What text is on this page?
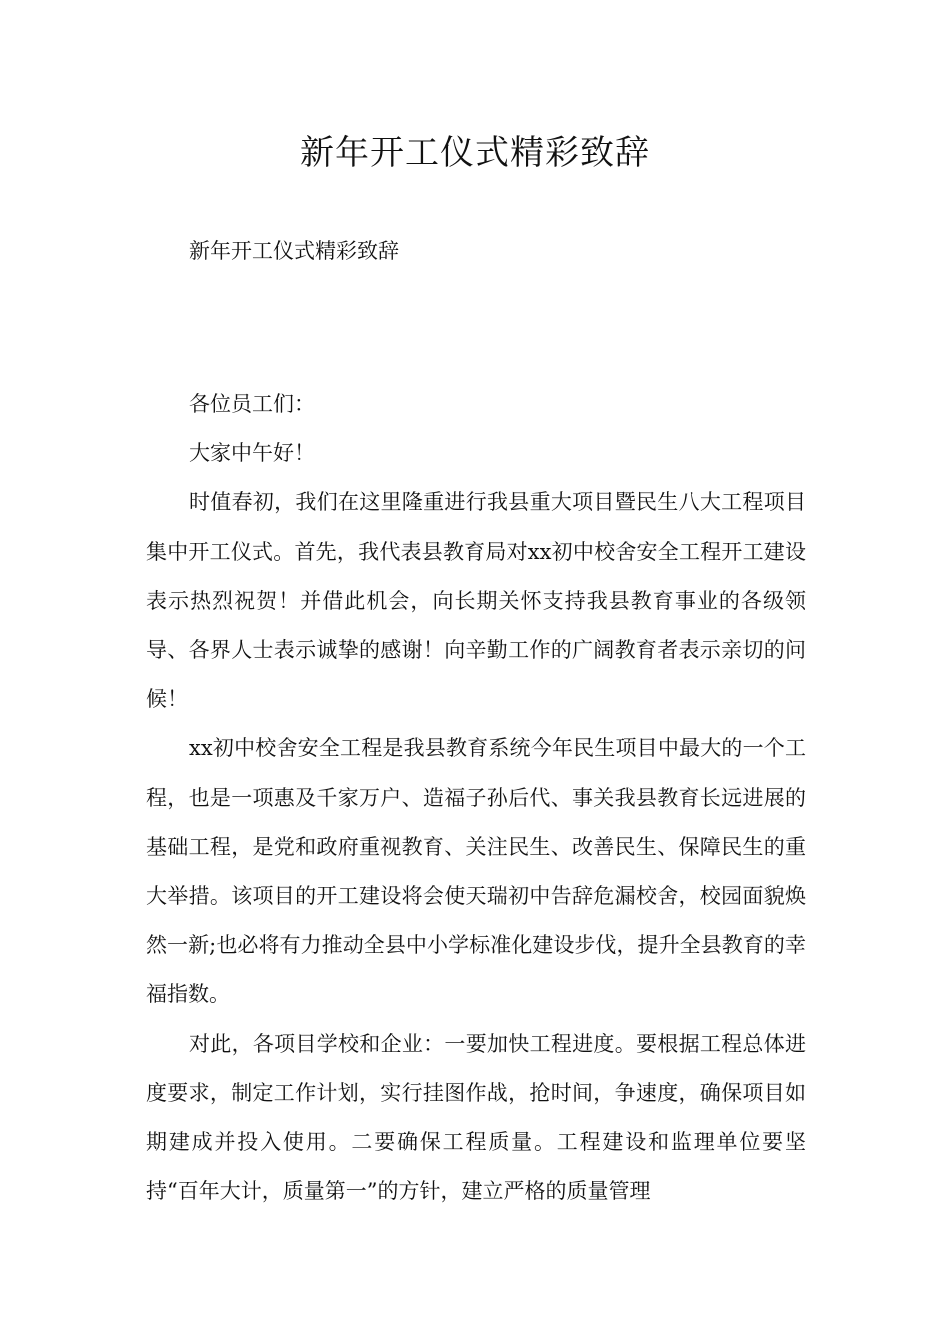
新年开工仪式精彩致辞
新年开工仪式精彩致辞

各位员工们：

大家中午好！

时值春初，我们在这里隆重进行我县重大项目暨民生八大工程项目集中开工仪式。首先，我代表县教育局对xx初中校舍安全工程开工建设表示热烈祝贺！并借此机会，向长期关怀支持我县教育事业的各级领导、各界人士表示诚挚的感谢！向辛勤工作的广阔教育者表示亲切的问候！

xx初中校舍安全工程是我县教育系统今年民生项目中最大的一个工程，也是一项惠及千家万户、造福子孙后代、事关我县教育长远进展的基础工程，是党和政府重视教育、关注民生、改善民生、保障民生的重大举措。该项目的开工建设将会使天瑞初中告辞危漏校舍，校园面貌焕然一新;也必将有力推动全县中小学标准化建设步伐，提升全县教育的幸福指数。

对此，各项目学校和企业：一要加快工程进度。要根据工程总体进度要求，制定工作计划，实行挂图作战，抢时间，争速度，确保项目如期建成并投入使用。二要确保工程质量。工程建设和监理单位要坚持“百年大计，质量第一”的方针，建立严格的质量管理
